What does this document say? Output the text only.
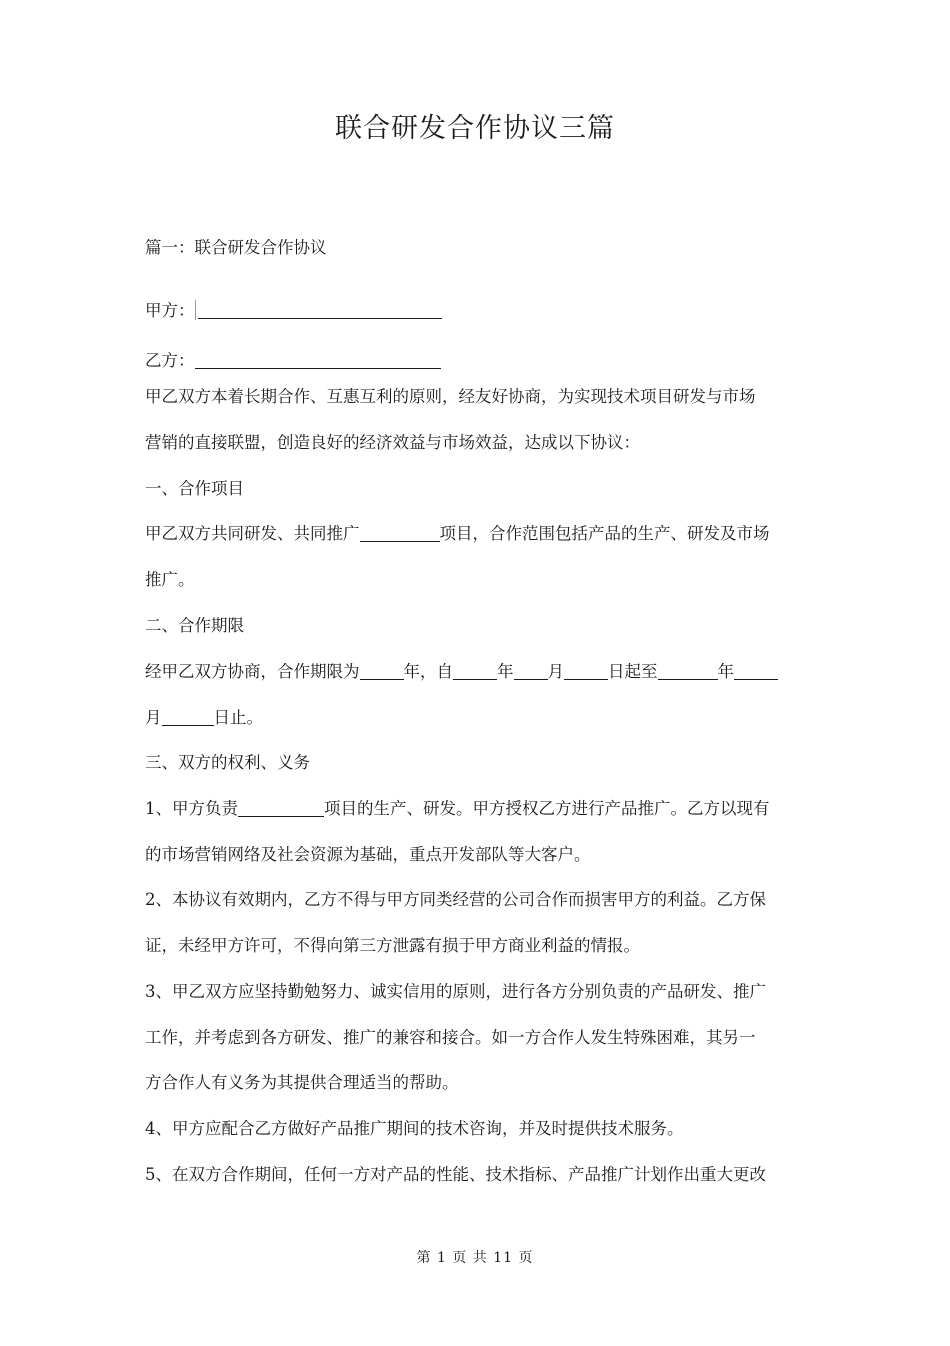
联合研发合作协议三篇
篇一：联合研发合作协议
甲方：
乙方：
甲乙双方本着长期合作、互惠互利的原则，经友好协商，为实现技术项目研发与市场
营销的直接联盟，创造良好的经济效益与市场效益，达成以下协议：
一、合作项目
甲乙双方共同研发、共同推广	项目，合作范围包括产品的生产、研发及市场
推广。
二、合作期限
经甲乙双方协商，合作期限为	年，自	年 月	日起至	年
月	日止。
三、双方的权利、义务
1、甲方负责	项目的生产、研发。甲方授权乙方进行产品推广。乙方以现有
的市场营销网络及社会资源为基础，重点开发部队等大客户。
2、本协议有效期内，乙方不得与甲方同类经营的公司合作而损害甲方的利益。乙方保
证，未经甲方许可，不得向第三方泄露有损于甲方商业利益的情报。
3、甲乙双方应坚持勤勉努力、诚实信用的原则，进行各方分别负责的产品研发、推广
工作，并考虑到各方研发、推广的兼容和接合。如一方合作人发生特殊困难，其另一
方合作人有义务为其提供合理适当的帮助。
4、甲方应配合乙方做好产品推广期间的技术咨询，并及时提供技术服务。
5、在双方合作期间，任何一方对产品的性能、技术指标、产品推广计划作出重大更改
第 1 页 共 11 页
